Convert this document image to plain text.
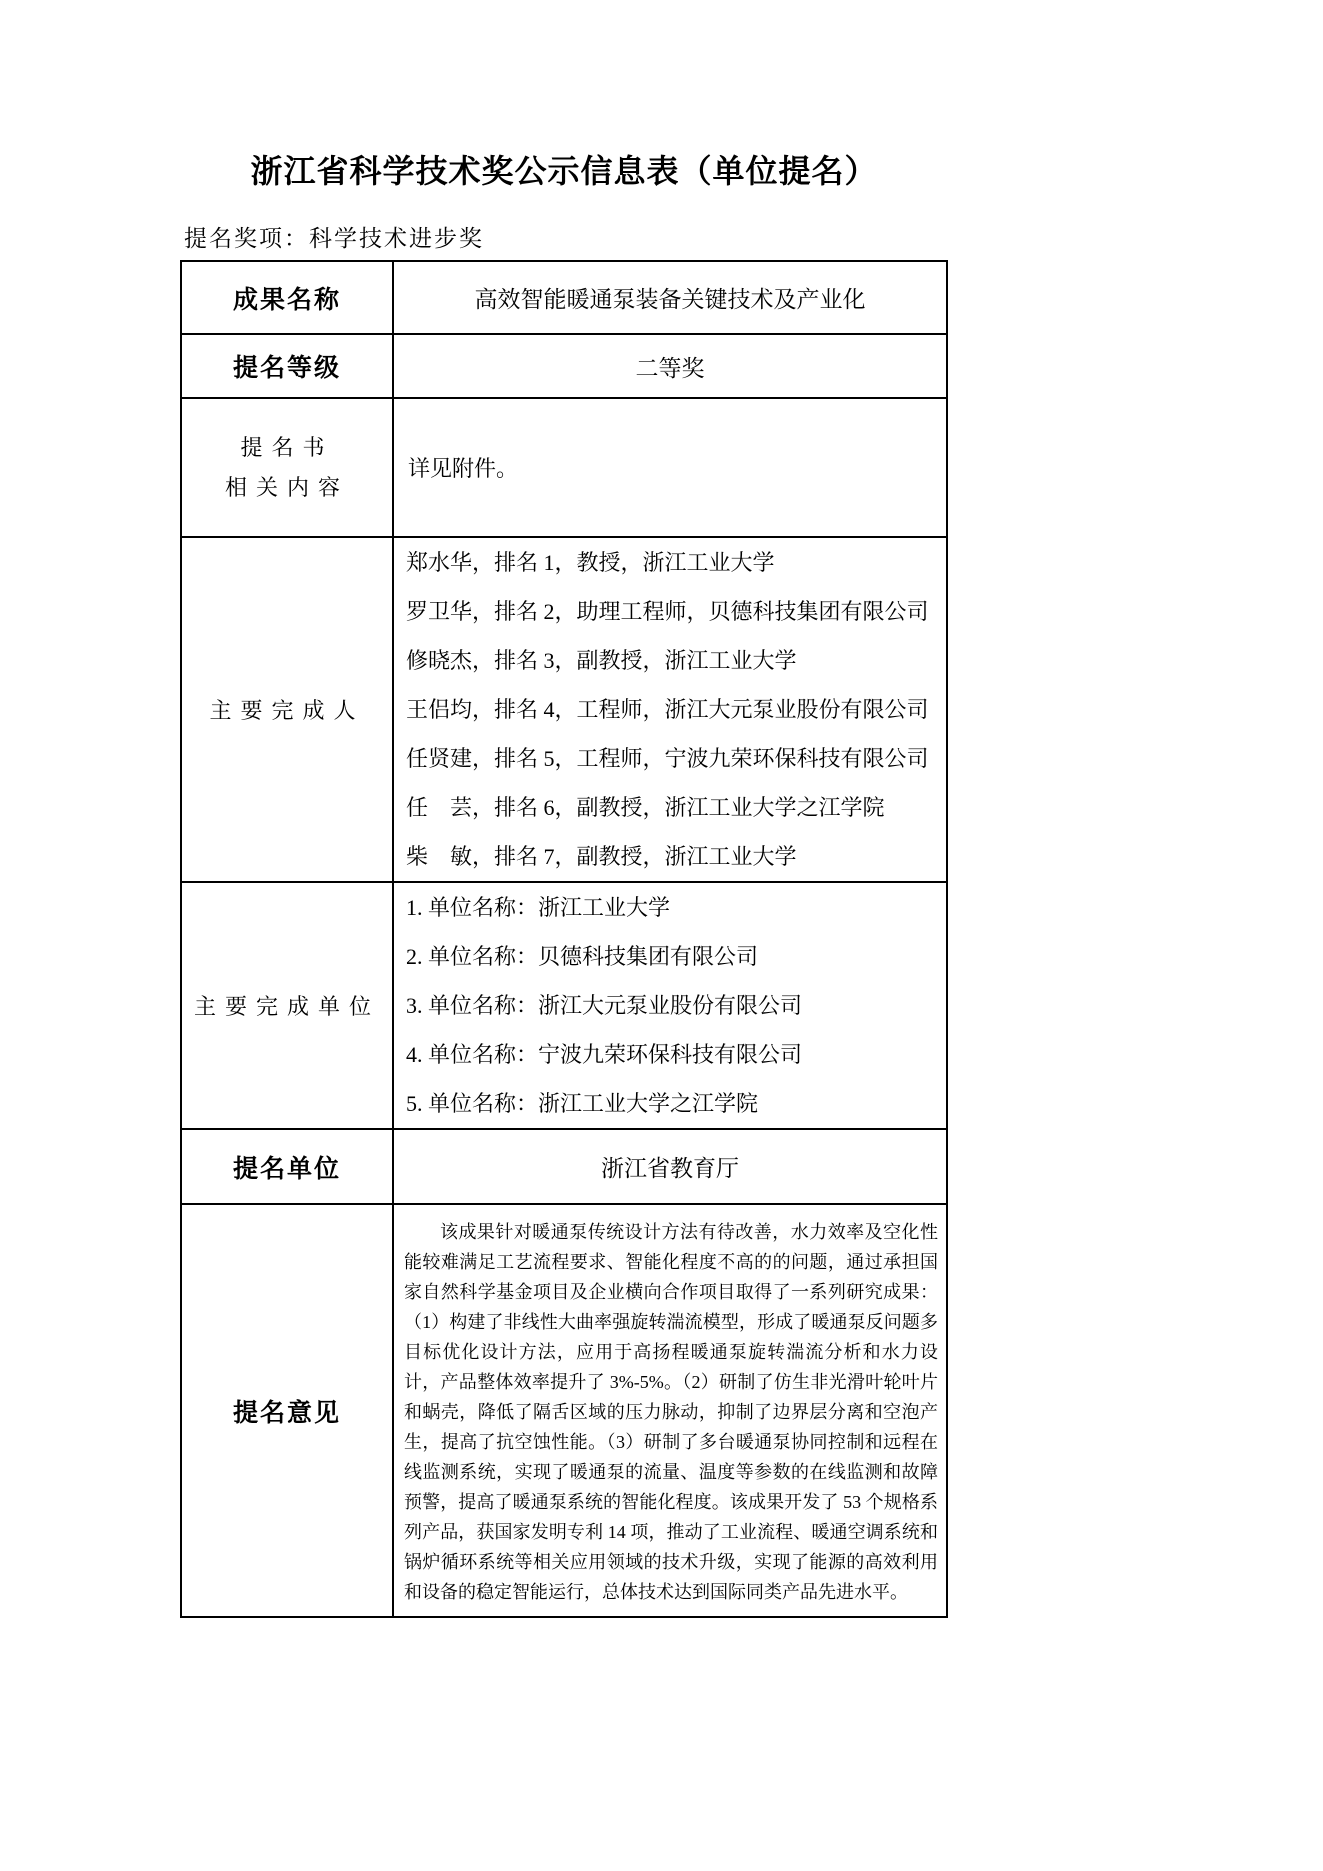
浙江省科学技术奖公示信息表（单位提名）
提名奖项：科学技术进步奖
成果名称	高效智能暖通泵装备关键技术及产业化
提名等级	二等奖

提名书
相关内容	详见附件。
主要完成人	
郑水华，排名 1，教授，浙江工业大学
罗卫华，排名 2，助理工程师，贝德科技集团有限公司
修晓杰，排名 3，副教授，浙江工业大学
王侣均，排名 4，工程师，浙江大元泵业股份有限公司
任贤建，排名 5，工程师，宁波九荣环保科技有限公司
任　芸，排名 6，副教授，浙江工业大学之江学院
柴　敏，排名 7，副教授，浙江工业大学

主要完成单位	1. 单位名称：浙江工业大学
2. 单位名称：贝德科技集团有限公司
3. 单位名称：浙江大元泵业股份有限公司
4. 单位名称：宁波九荣环保科技有限公司
5. 单位名称：浙江工业大学之江学院

提名单位	浙江省教育厅
提名意见	该成果针对暖通泵传统设计方法有待改善，水力效率及空化性能较难满足工艺流程要求、智能化程度不高的的问题，通过承担国家自然科学基金项目及企业横向合作项目取得了一系列研究成果：（1）构建了非线性大曲率强旋转湍流模型，形成了暖通泵反问题多目标优化设计方法，应用于高扬程暖通泵旋转湍流分析和水力设计，产品整体效率提升了 3%-5%。（2）研制了仿生非光滑叶轮叶片和蜗壳，降低了隔舌区域的压力脉动，抑制了边界层分离和空泡产生，提高了抗空蚀性能。（3）研制了多台暖通泵协同控制和远程在线监测系统，实现了暖通泵的流量、温度等参数的在线监测和故障预警，提高了暖通泵系统的智能化程度。该成果开发了 53 个规格系列产品，获国家发明专利 14 项，推动了工业流程、暖通空调系统和锅炉循环系统等相关应用领域的技术升级，实现了能源的高效利用和设备的稳定智能运行，总体技术达到国际同类产品先进水平。
